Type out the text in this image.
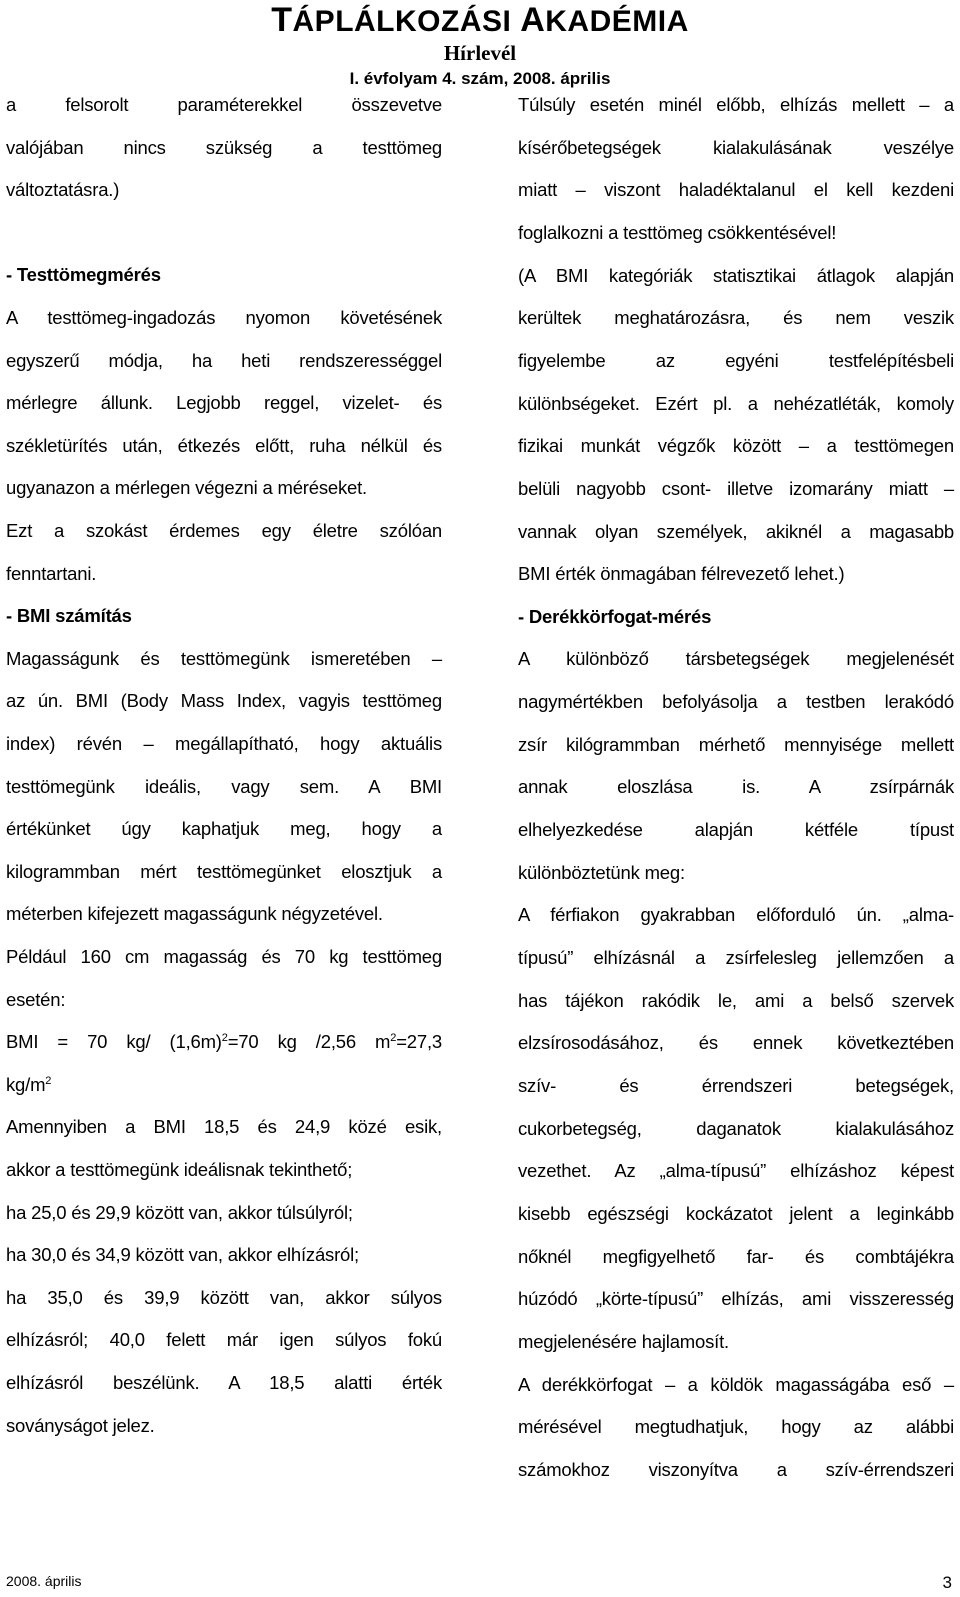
TÁPLÁLKOZÁSI AKADÉMIA
Hírlevél
I. évfolyam 4. szám, 2008. április
a felsorolt paraméterekkel összevetve
valójában nincs szükség a testtömeg
változtatásra.)
- Testtömegmérés
A testtömeg-ingadozás nyomon követésének
egyszerű módja, ha heti rendszerességgel
mérlegre állunk. Legjobb reggel, vizelet- és
székletürítés után, étkezés előtt, ruha nélkül és
ugyanazon a mérlegen végezni a méréseket.
Ezt a szokást érdemes egy életre szólóan
fenntartani.
- BMI számítás
Magasságunk és testtömegünk ismeretében –
az ún. BMI (Body Mass Index, vagyis testtömeg
index) révén – megállapítható, hogy aktuális
testtömegünk ideális, vagy sem. A BMI
értékünket úgy kaphatjuk meg, hogy a
kilogrammban mért testtömegünket elosztjuk a
méterben kifejezett magasságunk négyzetével.
Például 160 cm magasság és 70 kg testtömeg
esetén:
BMI = 70 kg/ $(1,6m)^2=70$ kg /2,56 $m^2=27,3$
$kg/m^2$
Amennyiben a BMI 18,5 és 24,9 közé esik,
akkor a testtömegünk ideálisnak tekinthető;
ha 25,0 és 29,9 között van, akkor túlsúlyról;
ha 30,0 és 34,9 között van, akkor elhízásról;
ha 35,0 és 39,9 között van, akkor súlyos
elhízásról; 40,0 felett már igen súlyos fokú
elhízásról beszélünk. A 18,5 alatti érték
soványságot jelez.
Túlsúly esetén minél előbb, elhízás mellett – a
kísérőbetegségek kialakulásának veszélye
miatt – viszont haladéktalanul el kell kezdeni
foglalkozni a testtömeg csökkentésével!
(A BMI kategóriák statisztikai átlagok alapján
kerültek meghatározásra, és nem veszik
figyelembe az egyéni testfelépítésbeli
különbségeket. Ezért pl. a nehézatléták, komoly
fizikai munkát végzők között – a testtömegen
belüli nagyobb csont- illetve izomarány miatt –
vannak olyan személyek, akiknél a magasabb
BMI érték önmagában félrevezető lehet.)
- Derékkörfogat-mérés
A különböző társbetegségek megjelenését
nagymértékben befolyásolja a testben lerakódó
zsír kilógrammban mérhető mennyisége mellett
annak eloszlása is. A zsírpárnák
elhelyezkedése alapján kétféle típust
különböztetünk meg:
A férfiakon gyakrabban előforduló ún. „alma-
típusú” elhízásnál a zsírfelesleg jellemzően a
has tájékon rakódik le, ami a belső szervek
elzsírosodásához, és ennek következtében
szív- és érrendszeri betegségek,
cukorbetegség, daganatok kialakulásához
vezethet. Az „alma-típusú” elhízáshoz képest
kisebb egészségi kockázatot jelent a leginkább
nőknél megfigyelhető far- és combtájékra
húzódó „körte-típusú” elhízás, ami visszeresség
megjelenésére hajlamosít.
A derékkörfogat – a köldök magasságába eső –
mérésével megtudhatjuk, hogy az alábbi
számokhoz viszonyítva a szív-érrendszeri
2008. április	3
